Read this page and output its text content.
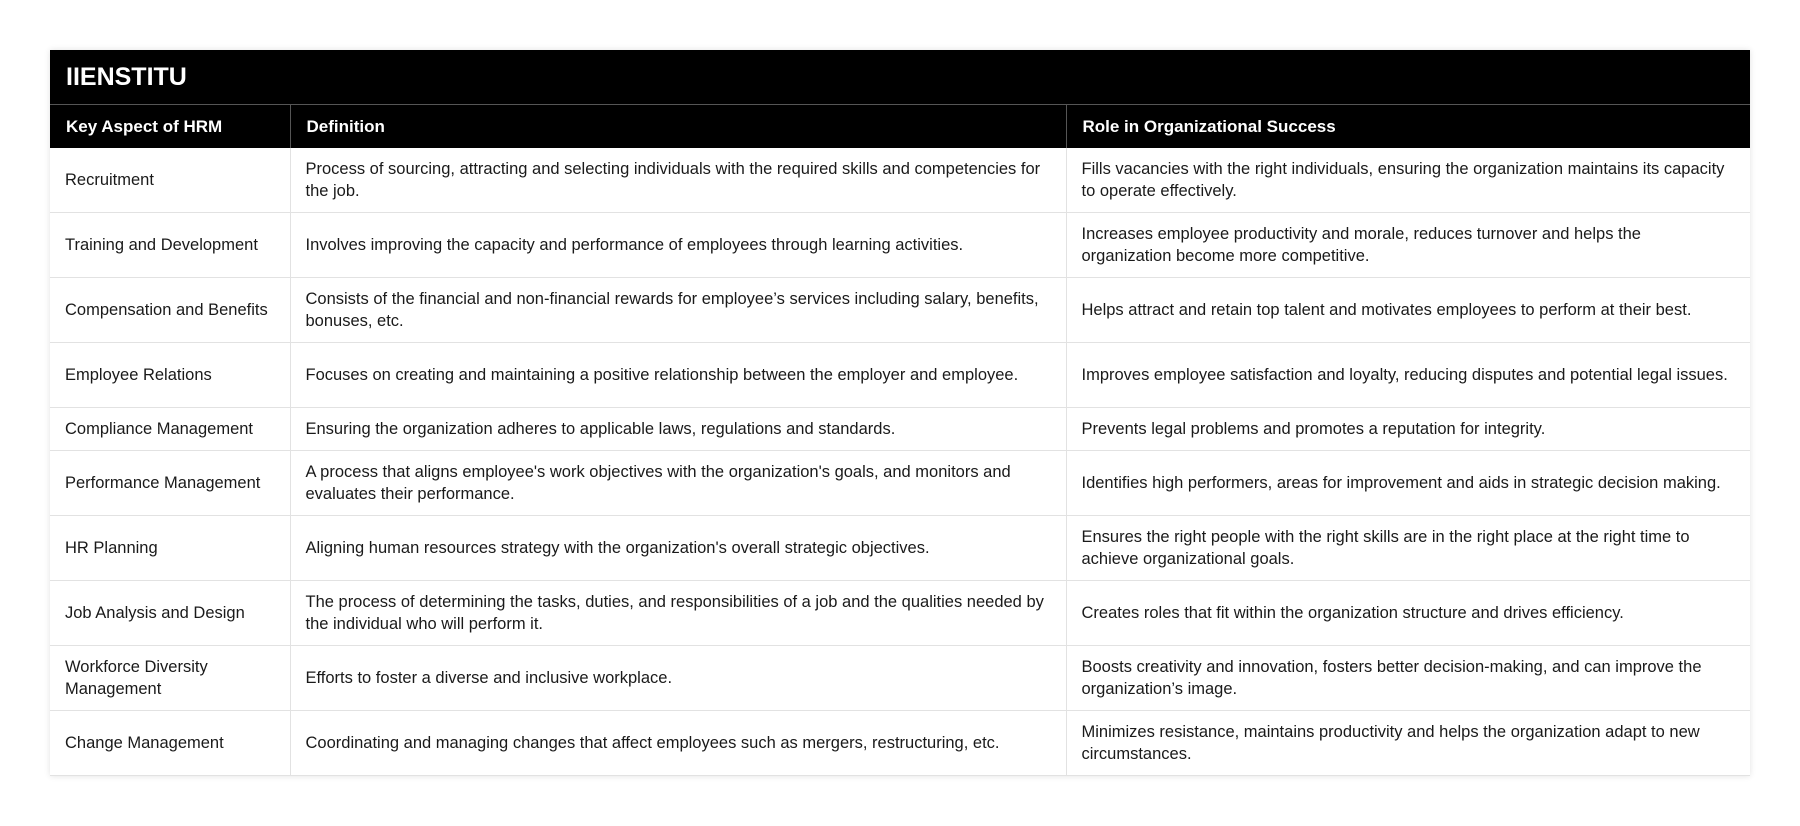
IIENSTITU		
Key Aspect of HRM	Definition	Role in Organizational Success
Recruitment	Process of sourcing, attracting and selecting individuals with the required skills and competencies for the job.	Fills vacancies with the right individuals, ensuring the organization maintains its capacity to operate effectively.
Training and Development	Involves improving the capacity and performance of employees through learning activities.	Increases employee productivity and morale, reduces turnover and helps the organization become more competitive.
Compensation and Benefits	Consists of the financial and non-financial rewards for employee’s services including salary, benefits, bonuses, etc.	Helps attract and retain top talent and motivates employees to perform at their best.
Employee Relations	Focuses on creating and maintaining a positive relationship between the employer and employee.	Improves employee satisfaction and loyalty, reducing disputes and potential legal issues.
Compliance Management	Ensuring the organization adheres to applicable laws, regulations and standards.	Prevents legal problems and promotes a reputation for integrity.
Performance Management	A process that aligns employee's work objectives with the organization's goals, and monitors and evaluates their performance.	Identifies high performers, areas for improvement and aids in strategic decision making.
HR Planning	Aligning human resources strategy with the organization's overall strategic objectives.	Ensures the right people with the right skills are in the right place at the right time to achieve organizational goals.
Job Analysis and Design	The process of determining the tasks, duties, and responsibilities of a job and the qualities needed by the individual who will perform it.	Creates roles that fit within the organization structure and drives efficiency.
Workforce Diversity Management	Efforts to foster a diverse and inclusive workplace.	Boosts creativity and innovation, fosters better decision-making, and can improve the organization’s image.
Change Management	Coordinating and managing changes that affect employees such as mergers, restructuring, etc.	Minimizes resistance, maintains productivity and helps the organization adapt to new circumstances.
